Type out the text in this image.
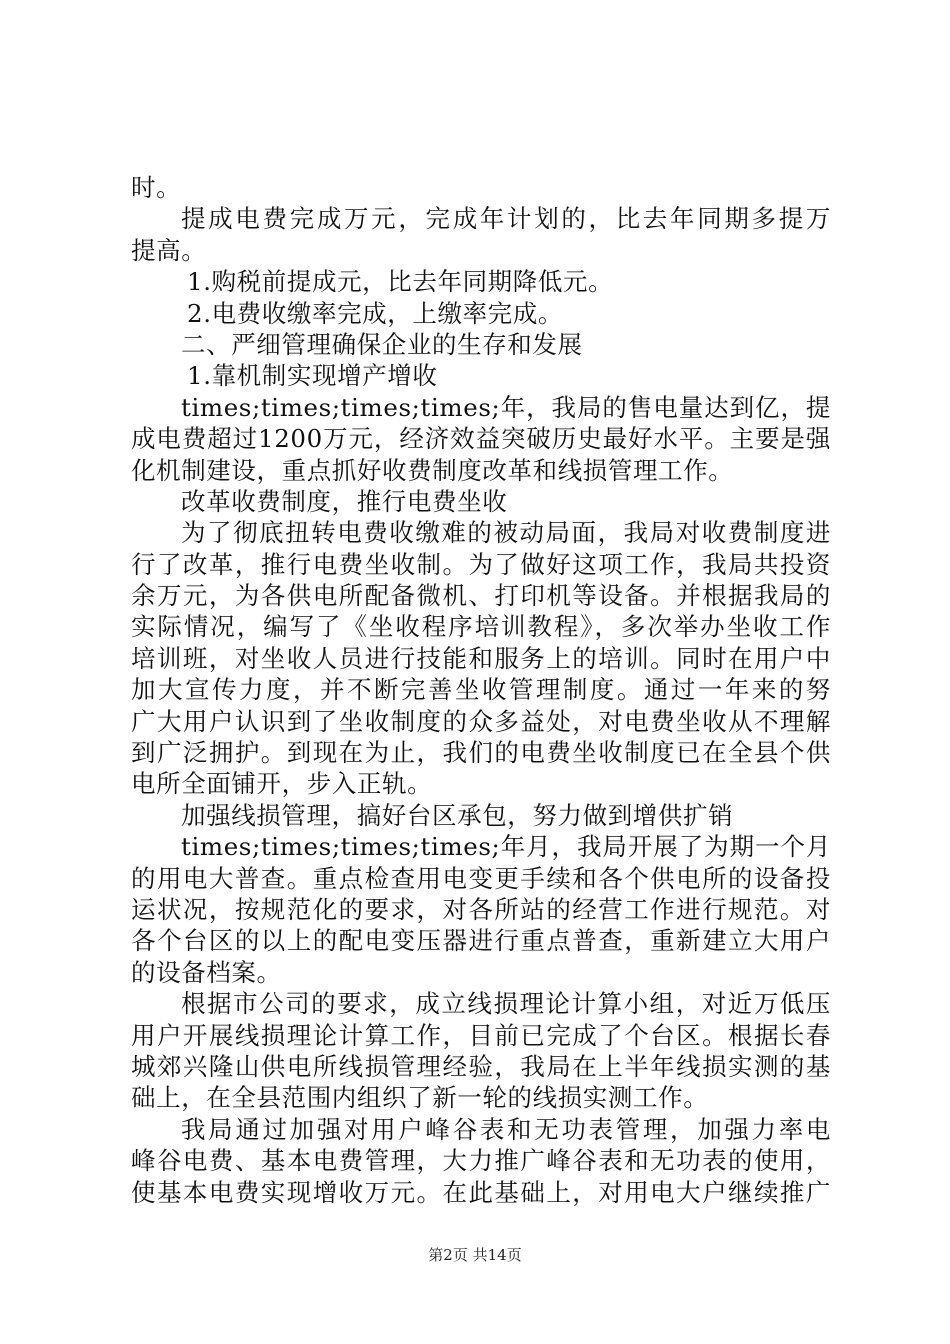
时。
提成电费完成万元，完成年计划的，比去年同期多提万
提高。
1.购税前提成元，比去年同期降低元。
2.电费收缴率完成，上缴率完成。
二、严细管理确保企业的生存和发展
1.靠机制实现增产增收
times;times;times;times;年，我局的售电量达到亿，提
成电费超过1200万元，经济效益突破历史最好水平。主要是强
化机制建设，重点抓好收费制度改革和线损管理工作。
改革收费制度，推行电费坐收
为了彻底扭转电费收缴难的被动局面，我局对收费制度进
行了改革，推行电费坐收制。为了做好这项工作，我局共投资
余万元，为各供电所配备微机、打印机等设备。并根据我局的
实际情况，编写了《坐收程序培训教程》，多次举办坐收工作
培训班，对坐收人员进行技能和服务上的培训。同时在用户中
加大宣传力度，并不断完善坐收管理制度。通过一年来的努
广大用户认识到了坐收制度的众多益处，对电费坐收从不理解
到广泛拥护。到现在为止，我们的电费坐收制度已在全县个供
电所全面铺开，步入正轨。
加强线损管理，搞好台区承包，努力做到增供扩销
times;times;times;times;年月，我局开展了为期一个月
的用电大普查。重点检查用电变更手续和各个供电所的设备投
运状况，按规范化的要求，对各所站的经营工作进行规范。对
各个台区的以上的配电变压器进行重点普查，重新建立大用户
的设备档案。
根据市公司的要求，成立线损理论计算小组，对近万低压
用户开展线损理论计算工作，目前已完成了个台区。根据长春
城郊兴隆山供电所线损管理经验，我局在上半年线损实测的基
础上，在全县范围内组织了新一轮的线损实测工作。
我局通过加强对用户峰谷表和无功表管理，加强力率电
峰谷电费、基本电费管理，大力推广峰谷表和无功表的使用，
使基本电费实现增收万元。在此基础上，对用电大户继续推广
第2页 共14页
